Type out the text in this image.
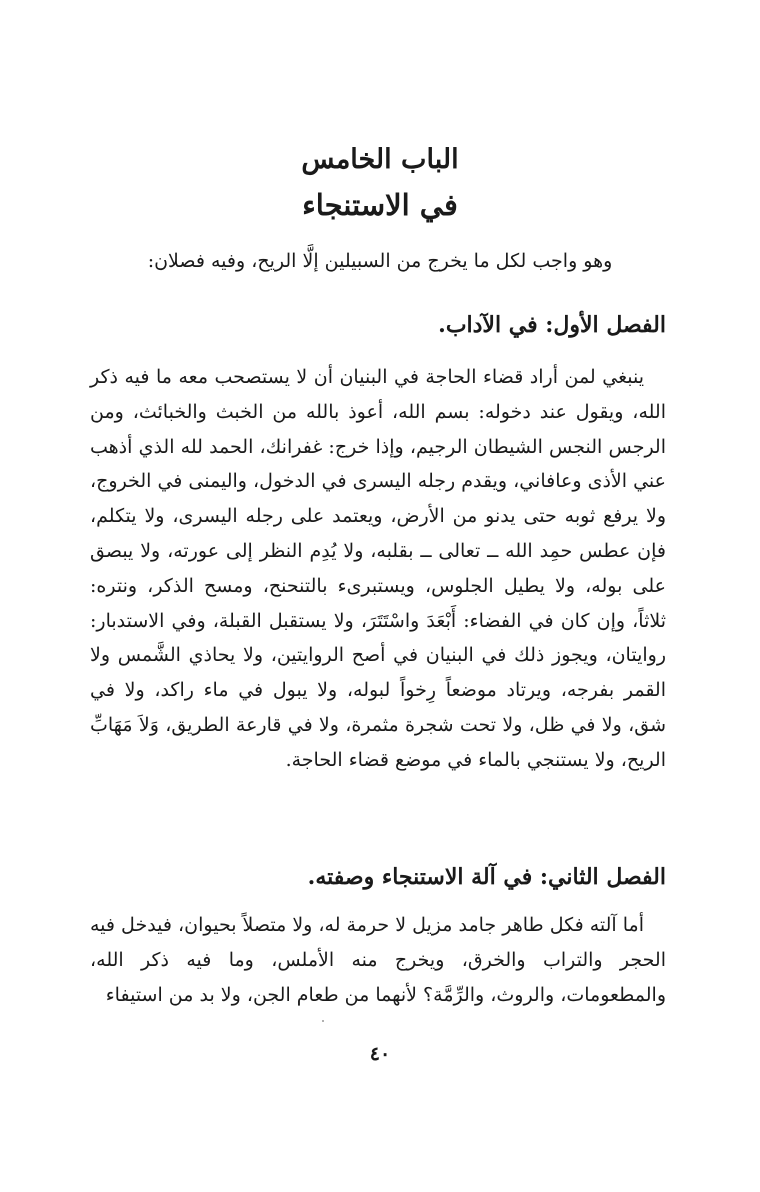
الباب الخامس
في الاستنجاء

وهو واجب لكل ما يخرج من السبيلين إلَّا الريح، وفيه فصلان:

الفصل الأول: في الآداب.

ينبغي لمن أراد قضاء الحاجة في البنيان أن لا يستصحب معه ما فيه ذكر الله، ويقول عند دخوله: بسم الله، أعوذ بالله من الخبث والخبائث، ومن الرجس النجس الشيطان الرجيم، وإذا خرج: غفرانك، الحمد لله الذي أذهب عني الأذى وعافاني، ويقدم رجله اليسرى في الدخول، واليمنى في الخروج، ولا يرفع ثوبه حتى يدنو من الأرض، ويعتمد على رجله اليسرى، ولا يتكلم، فإن عطس حمِد الله ــ تعالى ــ بقلبه، ولا يُدِم النظر إلى عورته، ولا يبصق على بوله، ولا يطيل الجلوس، ويستبرىء بالتنحنح، ومسح الذكر، ونتره: ثلاثاً، وإن كان في الفضاء: أَبْعَدَ واسْتَتَرَ، ولا يستقبل القبلة، وفي الاستدبار: روايتان، ويجوز ذلك في البنيان في أصح الروايتين، ولا يحاذي الشَّمس ولا القمر بفرجه، ويرتاد موضعاً رِخواً لبوله، ولا يبول في ماء راكد، ولا في شق، ولا في ظل، ولا تحت شجرة مثمرة، ولا في قارعة الطريق، وَلاَ مَهَابِّ الريح، ولا يستنجي بالماء في موضع قضاء الحاجة.

الفصل الثاني: في آلة الاستنجاء وصفته.

أما آلته فكل طاهر جامد مزيل لا حرمة له، ولا متصلاً بحيوان، فيدخل فيه الحجر والتراب والخرق، ويخرج منه الأملس، وما فيه ذكر الله، والمطعومات، والروث، والرِّمَّة؟ لأنهما من طعام الجن، ولا بد من استيفاء

٤٠
